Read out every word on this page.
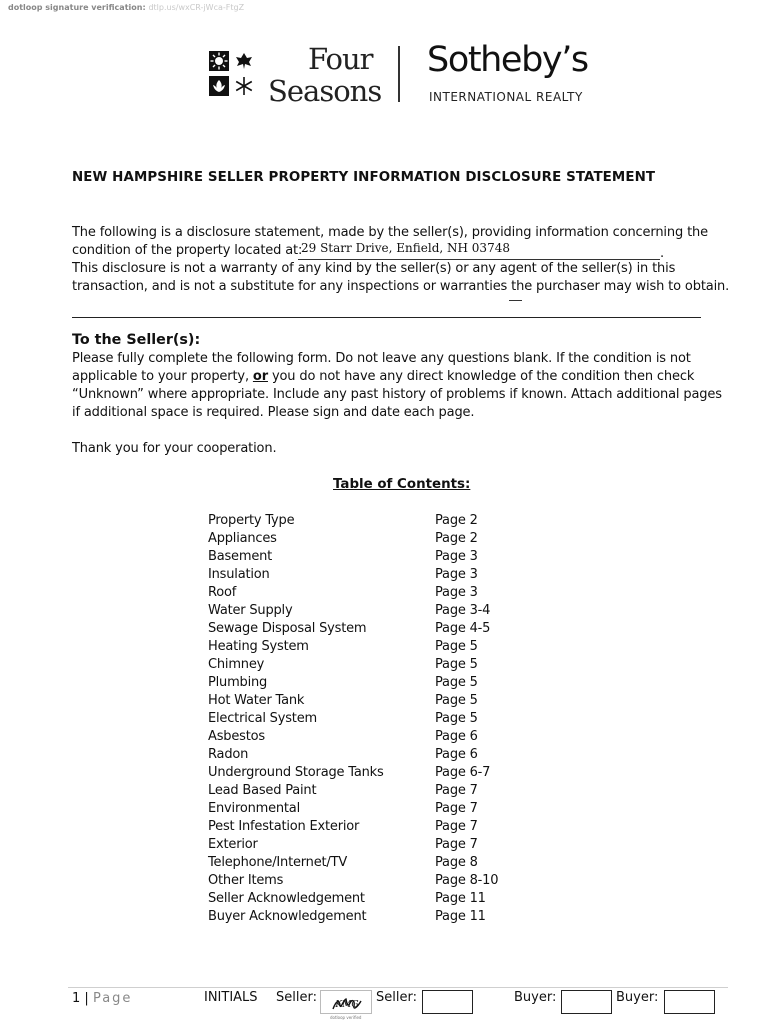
dotloop signature verification: dtlp.us/wxCR-jWca-FtgZ
Four
Seasons
Sotheby’s
INTERNATIONAL REALTY
NEW HAMPSHIRE SELLER PROPERTY INFORMATION DISCLOSURE STATEMENT
The following is a disclosure statement, made by the seller(s), providing information concerning the
condition of the property located at:
29 Starr Drive, Enfield, NH 03748	.
This disclosure is not a warranty of any kind by the seller(s) or any agent of the seller(s) in this
transaction, and is not a substitute for any inspections or warranties the purchaser may wish to obtain.
To the Seller(s):
Please fully complete the following form. Do not leave any questions blank. If the condition is not
applicable to your property, or you do not have any direct knowledge of the condition then check
“Unknown” where appropriate. Include any past history of problems if known. Attach additional pages
if additional space is required. Please sign and date each page.
Thank you for your cooperation.
Table of Contents:
Property Type	Page 2
Appliances	Page 2
Basement	Page 3
Insulation	Page 3
Roof	Page 3
Water Supply	Page 3-4
Sewage Disposal System	Page 4-5
Heating System	Page 5
Chimney	Page 5
Plumbing	Page 5
Hot Water Tank	Page 5
Electrical System	Page 5
Asbestos	Page 6
Radon	Page 6
Underground Storage Tanks	Page 6-7
Lead Based Paint	Page 7
Environmental	Page 7
Pest Infestation Exterior	Page 7
Exterior	Page 7
Telephone/Internet/TV	Page 8
Other Items	Page 8-10
Seller Acknowledgement	Page 11
Buyer Acknowledgement	Page 11
1 | Page	INITIALS Seller: KMG
dotloop verified
Seller:	Buyer:	Buyer:
